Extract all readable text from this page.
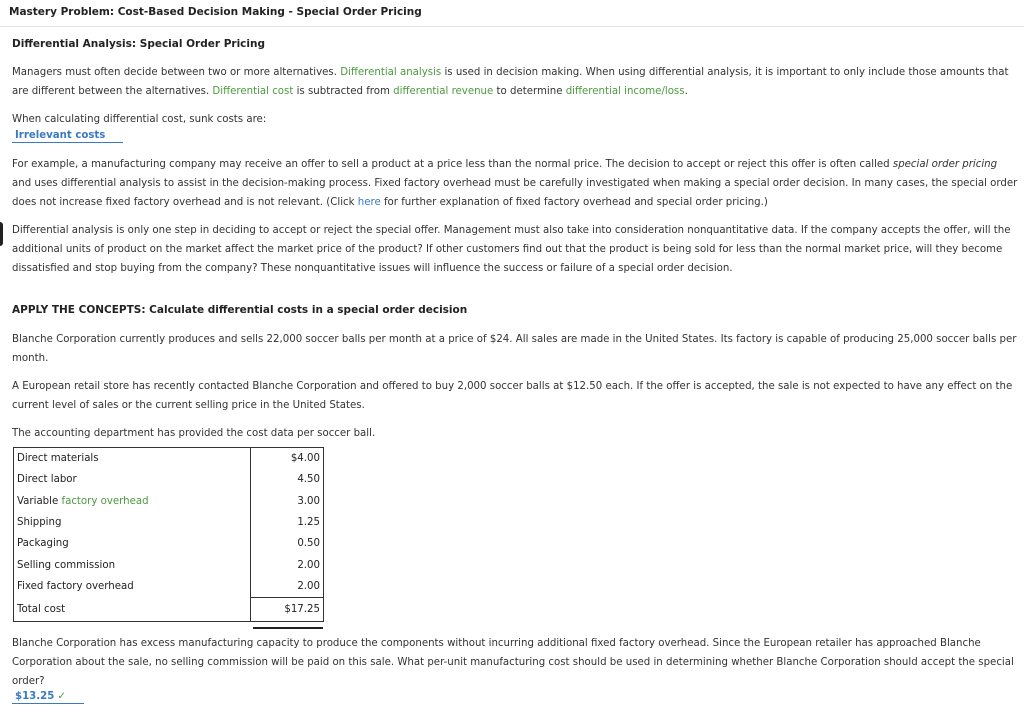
Mastery Problem: Cost-Based Decision Making - Special Order Pricing
Differential Analysis: Special Order Pricing

Managers must often decide between two or more alternatives. Differential analysis is used in decision making. When using differential analysis, it is important to only include those amounts that are different between the alternatives. Differential cost is subtracted from differential revenue to determine differential income/loss.

When calculating differential cost, sunk costs are:

Irrelevant costs

For example, a manufacturing company may receive an offer to sell a product at a price less than the normal price. The decision to accept or reject this offer is often called special order pricing and uses differential analysis to assist in the decision-making process. Fixed factory overhead must be carefully investigated when making a special order decision. In many cases, the special order does not increase fixed factory overhead and is not relevant. (Click here for further explanation of fixed factory overhead and special order pricing.)

Differential analysis is only one step in deciding to accept or reject the special offer. Management must also take into consideration nonquantitative data. If the company accepts the offer, will the additional units of product on the market affect the market price of the product? If other customers find out that the product is being sold for less than the normal market price, will they become dissatisfied and stop buying from the company? These nonquantitative issues will influence the success or failure of a special order decision.

APPLY THE CONCEPTS: Calculate differential costs in a special order decision

Blanche Corporation currently produces and sells 22,000 soccer balls per month at a price of $24. All sales are made in the United States. Its factory is capable of producing 25,000 soccer balls per month.

A European retail store has recently contacted Blanche Corporation and offered to buy 2,000 soccer balls at $12.50 each. If the offer is accepted, the sale is not expected to have any effect on the current level of sales or the current selling price in the United States.

The accounting department has provided the cost data per soccer ball.

Direct materials	$4.00
Direct labor	4.50
Variable factory overhead	3.00
Shipping	1.25
Packaging	0.50
Selling commission	2.00
Fixed factory overhead	2.00
Total cost	$17.25

Blanche Corporation has excess manufacturing capacity to produce the components without incurring additional fixed factory overhead. Since the European retailer has approached Blanche Corporation about the sale, no selling commission will be paid on this sale. What per-unit manufacturing cost should be used in determining whether Blanche Corporation should accept the special order?

$13.25 ✓
